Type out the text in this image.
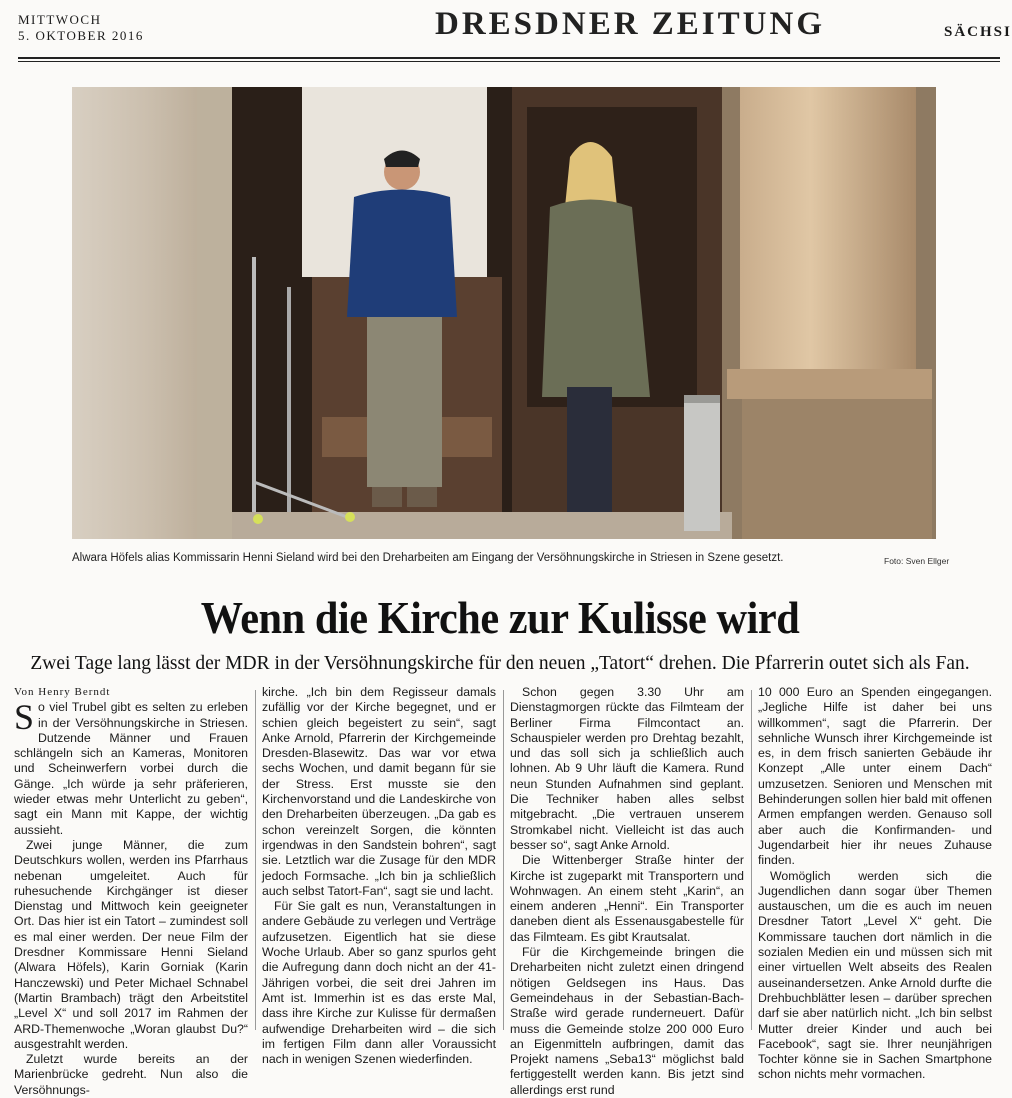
MITTWOCH
5. OKTOBER 2016	DRESDNER ZEITUNG	SÄCHSI
Alwara Höfels alias Kommissarin Henni Sieland wird bei den Dreharbeiten am Eingang der Versöhnungskirche in Striesen in Szene gesetzt.	Foto: Sven Ellger
Wenn die Kirche zur Kulisse wird
Zwei Tage lang lässt der MDR in der Versöhnungskirche für den neuen „Tatort“ drehen. Die Pfarrerin outet sich als Fan.

Von Henry Berndt

So viel Trubel gibt es selten zu erleben in der Versöhnungskirche in Striesen. Dutzende Männer und Frauen schlängeln sich an Kameras, Monitoren und Scheinwerfern vorbei durch die Gänge. „Ich würde ja sehr präferieren, wieder etwas mehr Unterlicht zu geben“, sagt ein Mann mit Kappe, der wichtig aussieht.

Zwei junge Männer, die zum Deutschkurs wollen, werden ins Pfarrhaus nebenan umgeleitet. Auch für ruhesuchende Kirchgänger ist dieser Dienstag und Mittwoch kein geeigneter Ort. Das hier ist ein Tatort – zumindest soll es mal einer werden. Der neue Film der Dresdner Kommissare Henni Sieland (Alwara Höfels), Karin Gorniak (Karin Hanczewski) und Peter Michael Schnabel (Martin Brambach) trägt den Arbeitstitel „Level X“ und soll 2017 im Rahmen der ARD-Themenwoche „Woran glaubst Du?“ ausgestrahlt werden.

Zuletzt wurde bereits an der Marienbrücke gedreht. Nun also die Versöhnungs-

kirche. „Ich bin dem Regisseur damals zufällig vor der Kirche begegnet, und er schien gleich begeistert zu sein“, sagt Anke Arnold, Pfarrerin der Kirchgemeinde Dresden-Blasewitz. Das war vor etwa sechs Wochen, und damit begann für sie der Stress. Erst musste sie den Kirchenvorstand und die Landeskirche von den Dreharbeiten überzeugen. „Da gab es schon vereinzelt Sorgen, die könnten irgendwas in den Sandstein bohren“, sagt sie. Letztlich war die Zusage für den MDR jedoch Formsache. „Ich bin ja schließlich auch selbst Tatort-Fan“, sagt sie und lacht.

Für Sie galt es nun, Veranstaltungen in andere Gebäude zu verlegen und Verträge aufzusetzen. Eigentlich hat sie diese Woche Urlaub. Aber so ganz spurlos geht die Aufregung dann doch nicht an der 41-Jährigen vorbei, die seit drei Jahren im Amt ist. Immerhin ist es das erste Mal, dass ihre Kirche zur Kulisse für dermaßen aufwendige Dreharbeiten wird – die sich im fertigen Film dann aller Voraussicht nach in wenigen Szenen wiederfinden.

Schon gegen 3.30 Uhr am Dienstagmorgen rückte das Filmteam der Berliner Firma Filmcontact an. Schauspieler werden pro Drehtag bezahlt, und das soll sich ja schließlich auch lohnen. Ab 9 Uhr läuft die Kamera. Rund neun Stunden Aufnahmen sind geplant. Die Techniker haben alles selbst mitgebracht. „Die vertrauen unserem Stromkabel nicht. Vielleicht ist das auch besser so“, sagt Anke Arnold.

Die Wittenberger Straße hinter der Kirche ist zugeparkt mit Transportern und Wohnwagen. An einem steht „Karin“, an einem anderen „Henni“. Ein Transporter daneben dient als Essenausgabestelle für das Filmteam. Es gibt Krautsalat.

Für die Kirchgemeinde bringen die Dreharbeiten nicht zuletzt einen dringend nötigen Geldsegen ins Haus. Das Gemeindehaus in der Sebastian-Bach-Straße wird gerade runderneuert. Dafür muss die Gemeinde stolze 200 000 Euro an Eigenmitteln aufbringen, damit das Projekt namens „Seba13“ möglichst bald fertiggestellt werden kann. Bis jetzt sind allerdings erst rund

10 000 Euro an Spenden eingegangen. „Jegliche Hilfe ist daher bei uns willkommen“, sagt die Pfarrerin. Der sehnliche Wunsch ihrer Kirchgemeinde ist es, in dem frisch sanierten Gebäude ihr Konzept „Alle unter einem Dach“ umzusetzen. Senioren und Menschen mit Behinderungen sollen hier bald mit offenen Armen empfangen werden. Genauso soll aber auch die Konfirmanden- und Jugendarbeit hier ihr neues Zuhause finden.

Womöglich werden sich die Jugendlichen dann sogar über Themen austauschen, um die es auch im neuen Dresdner Tatort „Level X“ geht. Die Kommissare tauchen dort nämlich in die sozialen Medien ein und müssen sich mit einer virtuellen Welt abseits des Realen auseinandersetzen. Anke Arnold durfte die Drehbuchblätter lesen – darüber sprechen darf sie aber natürlich nicht. „Ich bin selbst Mutter dreier Kinder und auch bei Facebook“, sagt sie. Ihrer neunjährigen Tochter könne sie in Sachen Smartphone schon nichts mehr vormachen.
